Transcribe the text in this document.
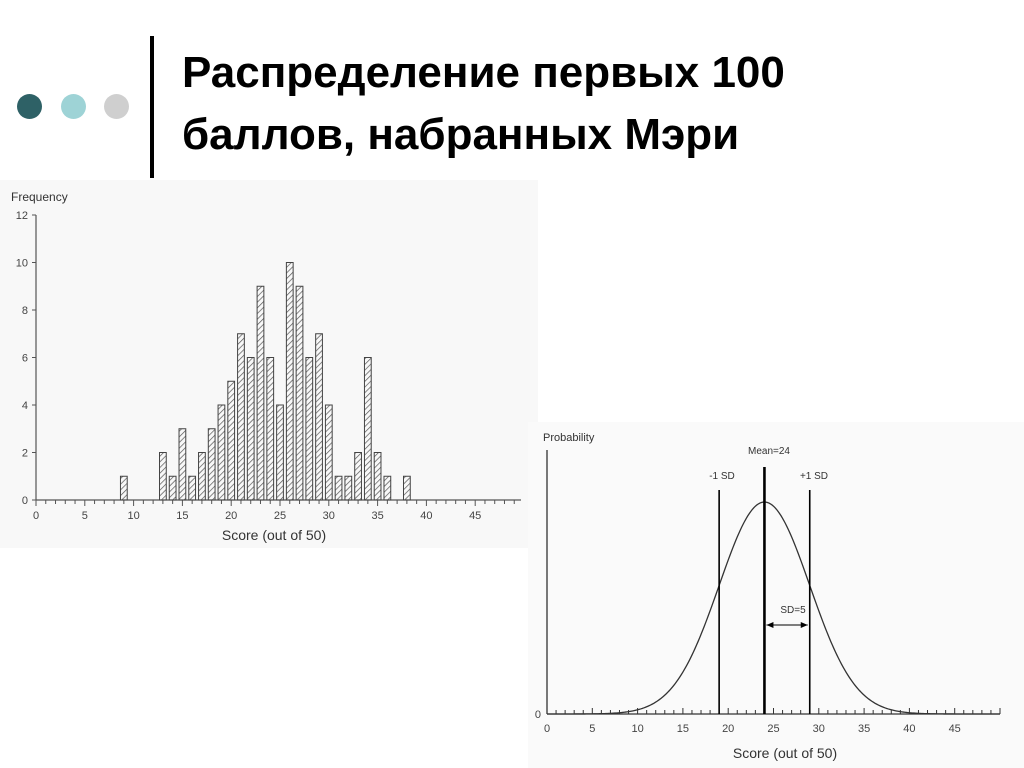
Распределение первых 100
баллов, набранных Мэри
Frequency
Score (out of 50)
0	5	10	15	20	25	30	35	40	45
0
2
4
6
8
10
12
Probability
Score (out of 50)
Mean=24
-1 SD	+1 SD
SD=5
0
0	5	10	15	20	25	30	35	40	45
